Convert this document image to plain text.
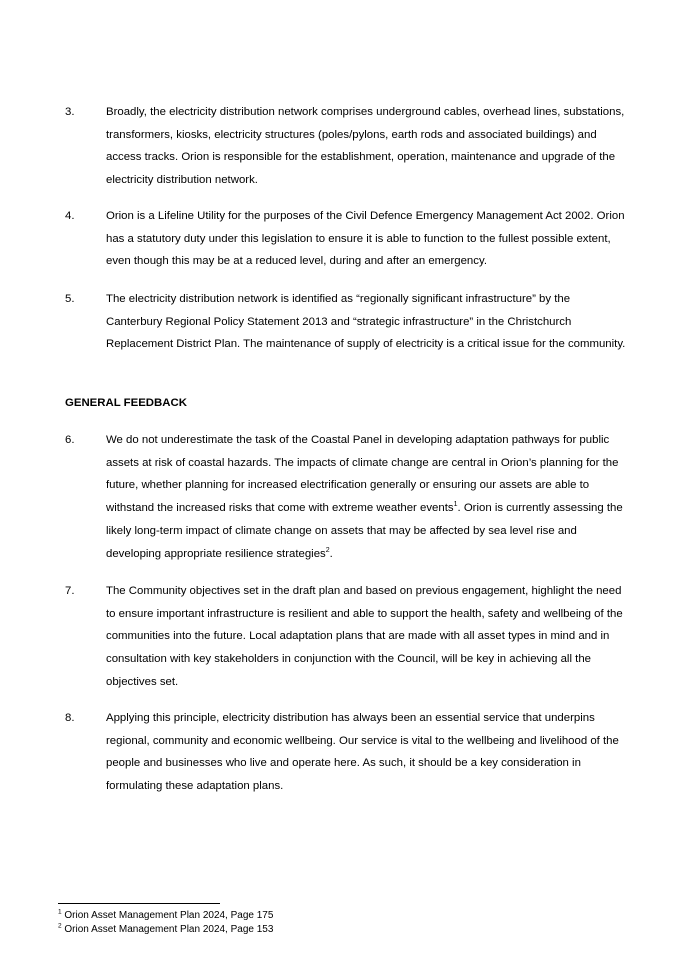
3.	Broadly, the electricity distribution network comprises underground cables, overhead lines, substations, transformers, kiosks, electricity structures (poles/pylons, earth rods and associated buildings) and access tracks. Orion is responsible for the establishment, operation, maintenance and upgrade of the electricity distribution network.
4.	Orion is a Lifeline Utility for the purposes of the Civil Defence Emergency Management Act 2002. Orion has a statutory duty under this legislation to ensure it is able to function to the fullest possible extent, even though this may be at a reduced level, during and after an emergency.
5.	The electricity distribution network is identified as “regionally significant infrastructure” by the Canterbury Regional Policy Statement 2013 and “strategic infrastructure” in the Christchurch Replacement District Plan. The maintenance of supply of electricity is a critical issue for the community.
GENERAL FEEDBACK
6.	We do not underestimate the task of the Coastal Panel in developing adaptation pathways for public assets at risk of coastal hazards. The impacts of climate change are central in Orion’s planning for the future, whether planning for increased electrification generally or ensuring our assets are able to withstand the increased risks that come with extreme weather events$^1$. Orion is currently assessing the likely long-term impact of climate change on assets that may be affected by sea level rise and developing appropriate resilience strategies$^2$.
7.	The Community objectives set in the draft plan and based on previous engagement, highlight the need to ensure important infrastructure is resilient and able to support the health, safety and wellbeing of the communities into the future. Local adaptation plans that are made with all asset types in mind and in consultation with key stakeholders in conjunction with the Council, will be key in achieving all the objectives set.
8.	Applying this principle, electricity distribution has always been an essential service that underpins regional, community and economic wellbeing. Our service is vital to the wellbeing and livelihood of the people and businesses who live and operate here. As such, it should be a key consideration in formulating these adaptation plans.
$^1$ Orion Asset Management Plan 2024, Page 175
$^2$ Orion Asset Management Plan 2024, Page 153
